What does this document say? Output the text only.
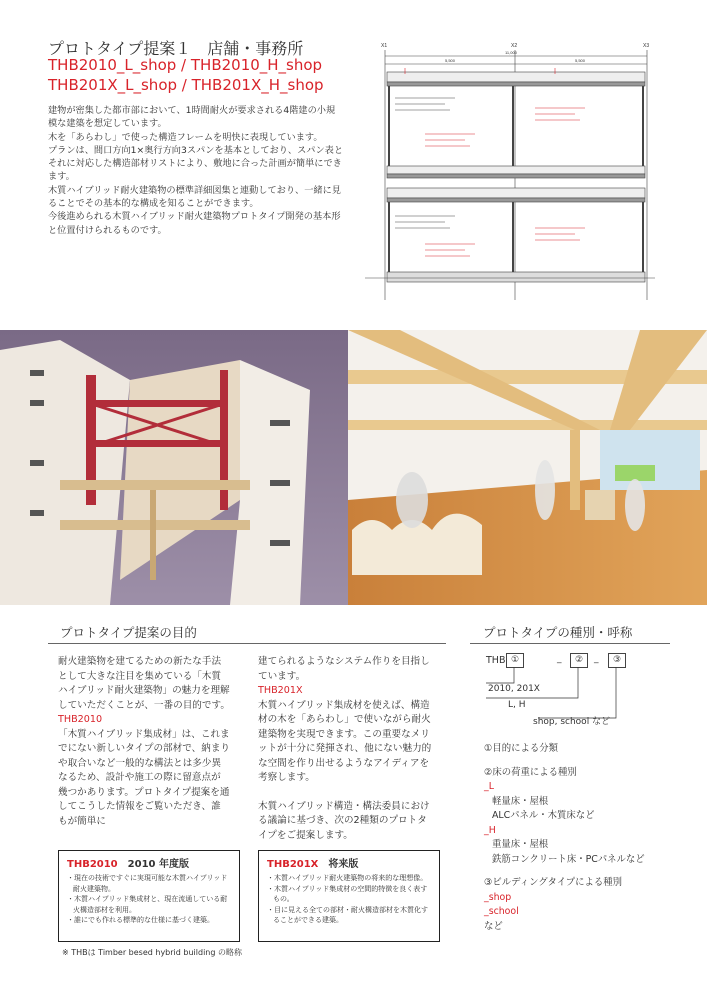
プロトタイプ提案１　店舗・事務所
THB2010_L_shop / THB2010_H_shop
THB201X_L_shop / THB201X_H_shop

建物が密集した都市部において、1時間耐火が要求される4階建の小規模な建築を想定しています。

木を「あらわし」で使った構造フレームを明快に表現しています。

プランは、間口方向1×奥行方向3スパンを基本としており、スパン表とそれに対応した構造部材リストにより、敷地に合った計画が簡単にできます。

木質ハイブリッド耐火建築物の標準詳細図集と連動しており、一緒に見ることでその基本的な構成を知ることができます。

今後進められる木質ハイブリッド耐火建築物プロトタイプ開発の基本形と位置付けられるものです。

X1	X2	X3
11,000
5,500	5,500
プロトタイプ提案の目的

耐火建築物を建てるための新たな手法として大きな注目を集めている「木質ハイブリッド耐火建築物」の魅力を理解していただくことが、一番の目的です。

THB2010

「木質ハイブリッド集成材」は、これまでにない新しいタイプの部材で、納まりや取合いなど一般的な構法とは多少異なるため、設計や施工の際に留意点が幾つかあります。プロトタイプ提案を通してこうした情報をご覧いただき、誰もが簡単に

建てられるようなシステム作りを目指しています。

THB201X

木質ハイブリッド集成材を使えば、構造材の木を「あらわし」で使いながら耐火建築物を実現できます。この重要なメリットが十分に発揮され、他にない魅力的な空間を作り出せるようなアイディアを考察します。

木質ハイブリッド構造・構法委員における議論に基づき、次の2種類のプロトタイプをご提案します。

THB2010　 2010 年度版
・現在の技術ですぐに実現可能な木質ハイブリッド耐火建築物。
・木質ハイブリッド集成材と、現在流通している耐火構造部材を利用。
・誰にでも作れる標準的な仕様に基づく建築。
THB201X　 将来版
・木質ハイブリッド耐火建築物の将来的な理想像。
・木質ハイブリッド集成材の空間的特徴を良く表すもの。
・目に見える全ての部材・耐火構造部材を木質化することができる建築。
※ THBは Timber besed hybrid building の略称
プロトタイプの種別・呼称
THB ①	_	②	_	③
2010, 201X
L, H
shop, school など

①目的による分類

②床の荷重による種別

_L

軽量床・屋根

ALCパネル・木質床など

_H

重量床・屋根

鉄筋コンクリート床・PCパネルなど

③ビルディングタイプによる種別

_shop

_school

など
